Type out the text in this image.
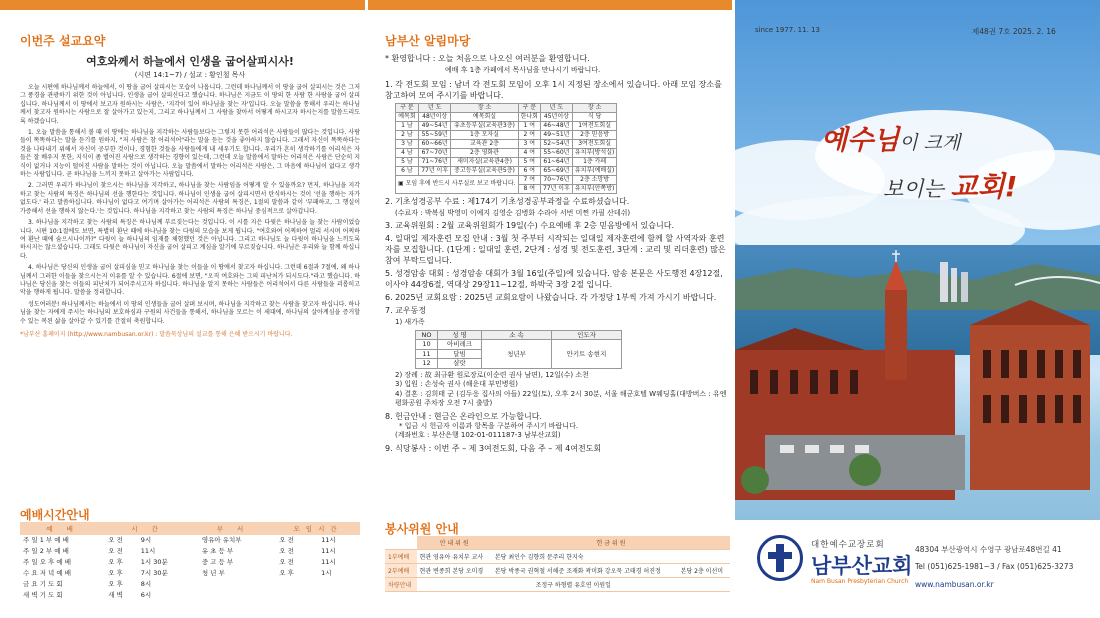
이번주 설교요약
여호와께서 하늘에서 인생을 굽어살피시사!
(시편 14:1~7) / 설교 : 황인철 목사
오늘 시편에 하나님께서 하늘에서, 이 땅을 굽어 살피시는 모습이 나옵니다. 그런데 하나님께서 이 땅을 굽어 살피시는 것은 그저 그 풍경을 관광하기 위한 것이 아닙니다. 인생을 굽어 살피신다고 했습니다. 하나님은 지금도 이 땅의 한 사람 한 사람을 굽어 살피십니다. 하나님께서 이 땅에서 보고자 원하시는 사람은, '지각이 있어 하나님을 찾는 자'입니다. 오늘 말씀을 통해서 우리는 하나님께서 찾고자 원하시는 사람으로 잘 살아가고 있는지, 그리고 하나님께서 그 사람을 찾아서 어떻게 하시고자 하시는지를 말씀드리도록 하겠습니다.
1. 오늘 말씀을 통해서 볼 때 이 땅에는 하나님을 지각하는 사람들보다는 그렇지 못한 어리석은 사람들이 많다는 것입니다. 사람들이 똑똑하다는 말을 듣기를 원하지, "저 사람은 참 어리석어"라는 말을 듣는 것을 좋아하지 않습니다. 그래서 자신이 똑똑하다는 것을 나타내기 위해서 자신이 공부한 것이나, 경험한 것들을 사람들에게 내 세우기도 합니다. 우리가 흔히 생각하기를 어리석은 자들은 잘 배우지 못한, 지식이 좀 별어진 사람으로 생각하는 경향이 있는데, 그런데 오늘 말씀에서 말하는 어리석은 사람은 단순히 지식이 없거나 지능이 떨어진 사람을 말하는 것이 아닙니다. 오늘 말씀에서 말하는 어리석은 사람은, 그 마음에 하나님이 없다고 생각하는 사람입니다. 곧 하나님을 느끼지 못하고 살아가는 사람입니다.
2. 그러면 우리가 하나님이 찾으시는 하나님을 지각하고, 하나님을 찾는 사람임을 어떻게 알 수 있을까요? 먼저, 하나님을 지각하고 찾는 사람의 특징은 하나님의 선을 행한다는 것입니다. 하나님이 인생을 굽어 살피시면서 탄식하시는 것이 '선을 행하는 자가 없도다.' 라고 말씀하십니다. 하나님이 없다고 여기며 살아가는 어리석은 사람의 특징은, 1절의 말씀과 같이 '부패하고, 그 행실이 가증해서 선을 행하지 않는다.'는 것입니다. 하나님을 지각하고 찾는 사람의 특징은 하나님 중심적으로 살아갑니다.
3. 하나님을 지각하고 찾는 사람의 특징은 하나님께 부르짖는다는 것입니다. 이 시를 지은 다윗은 하나님을 늘 찾는 사람이었습니다. 시편 10:1절에도 보면, 특별히 환난 때에 하나님을 찾는 다윗의 모습을 보게 됩니다. "여호와여 어찌하여 멀리 서시며 어찌하여 환난 때에 숨으시나이까?" 다윗이 늘 하나님의 임재를 체험했던 것은 아닙니다. 그리고 하나님도 늘 다윗이 하나님을 느끼도록 하시지는 않으셨습니다. 그래도 다윗은 하나님이 자신을 굽어 살피고 계심을 알기에 부르짖습니다. 하나님은 우리와 늘 함께 하십니다.
4. 하나님은 당신의 인생을 굽어 살피심을 믿고 하나님을 찾는 이들을 이 땅에서 찾고자 하십니다. 그런데 6절과 7절에, 왜 하나님께서 그러한 이들을 찾으시는지 이유를 알 수 있습니다. 6절에 보면, "오직 여호와는 그의 피난처가 되시도다."라고 했습니다. 하나님은 당신을 찾는 이들의 피난처가 되어주시고자 하십니다. 하나님을 알지 못하는 사람들은 어리석어서 다른 사람들을 괴롭히고 악을 행하게 됩니다. 말씀을 정리합니다.
성도여러분! 하나님께서는 하늘에서 이 땅의 인생들을 굽어 살펴 보시며, 하나님을 지각하고 찾는 사람을 찾고자 하십니다. 하나님을 찾는 자에게 주시는 하나님의 보호하심과 구원의 사건들을 통해서, 하나님을 모르는 이 세대에, 하나님의 살아계심을 증거할 수 있는 복된 삶을 살아갈 수 있기를 간절히 축원합니다.
*남부산 홈페이지 (http://www.nambusan.or.kr) : 말씀묵상님의 설교를 통해 은혜 받으시기 바랍니다.
예배시간안내
예 배	시 간		부 서	모임시간	
주 일 1 부 예 배	오 전	9시	영유아 유치부	오 전	11시
주 일 2 부 예 배	오 전	11시	유 초 등 부	오 전	11시
주 일 오 후 예 배	오 후	1시 30분	중 고 등 부	오 전	11시
수 요 저 녁 예 배	오 후	7시 30분	청 년 부	오 후	1시
금 요 기 도 회	오 후	8시			
새 벽 기 도 회	새 벽	6시			
남부산 알림마당
* 환영합니다 : 오늘 처음으로 나오신 여러분을 환영합니다.
예배 후 1층 카페에서 목사님을 만나시기 바랍니다.
1. 각 전도회 모임 : 남녀 각 전도회 모임이 오후 1시 지정된 장소에서 있습니다. 아래 모임 장소를 참고하여 모여 주시기를 바랍니다.
구 분	년 도	장 소	구 분	년 도	장 소
예목회	48년이상	예목회실	한나회	45년이상	식 당
1 남	49~54년	유초등부실(교육관3층)	1 여	46~48년	1여전도회실
2 남	55~59년	1층 모자실	2 여	49~51년	2층 믿음방
3 남	60~66년	교육관 2층	3 여	52~54년	3여전도회실
4 남	67~70년	2층 영화관	4 여	55~60년	유치부(방석실)
5 남	71~76년	새미자실(교육관4층)	5 여	61~64년	1층 카페
6 남	77년 이후	중고등부실(교육관5층)	6 여	65~69년	유치부(예배실)
▣ 모임 후에 반드시 사무실로 보고 바랍니다.			7 여	70~76년	2층 소망방
			8 여	77년 이후	유치부(안쪽방)
2. 기초성경공부 수료 : 제174기 기초성경공부과정을 수료하셨습니다.
(수료자 : 박복심 박영미 이예지 김영순 김병화 수라아 서번 미쩐 카필 산데쉬)
3. 교육위원회 : 2월 교육위원회가 19일(수) 수요예배 후 2층 믿음방에서 있습니다.
4. 일대일 제자훈련 모집 안내 : 3월 첫 주부터 시작되는 일대일 제자훈련에 함께 할 사역자와 훈련자를 모집합니다. (1단계 : 일대일 훈련, 2단계 : 성경 및 전도훈련, 3단계 : 교리 및 리더훈련) 많은 참여 부탁드립니다.
5. 성경암송 대회 : 성경암송 대회가 3월 16일(주일)에 있습니다. 암송 본문은 사도행전 4장12절, 이사야 44장6절, 역대상 29장11~12절, 하박국 3장 2절 입니다.
6. 2025년 교회요람 : 2025년 교회요람이 나왔습니다. 각 가정당 1부씩 가져 가시기 바랍니다.
7. 교우동정
1) 새가족
NO	성 명	소 속	인도자
10	아비레크	청년부	안키트 송현지
11	달빔		
12	샬랏		
2) 장례 : 故 최규환 원로장로(이순련 권사 남편), 12일(수) 소천
3) 입원 : 손성숙 권사 (해운대 부민병원)
4) 결혼 : 김희태 군 (김두응 집사의 아들) 22일(토), 오후 2시 30분, 서울 해군호텔 W웨딩홀(대방버스 : 유엔평화공원 주차장 오전 7시 출발)
8. 헌금안내 : 현금은 온라인으로 가능합니다.
* 입금 시 헌금자 이름과 항목을 구분하여 주시기 바랍니다.
(계좌번호 : 부산은행 102-01-011187-3 남부산교회)
9. 식당봉사 : 이번 주 – 제 3여전도회, 다음 주 – 제 4여전도회
봉사위원 안내
	안 내 위 원	헌 금 위 원	
1부예배	현관 영유아 유치부 교사	본당 최인수 김향희 문주리 한지숙	
2부예배	현관 변종희 본당 오미경	본당 박종국 권혁철 서해준 조재화 곽미화 강오묵 고태경 허진정	본당 2층 이선미
차량안내	조정구 하형렬 유호연 이원일		
since 1977. 11. 13	제48권 7호 2025. 2. 16
예수님이 크게
보이는 교회!
대한예수교장로회
남부산교회
Nam Busan Presbyterian Church
48304 부산광역시 수영구 광남로48번길 41
Tel (051)625-1981~3 / Fax (051)625-3273
www.nambusan.or.kr
